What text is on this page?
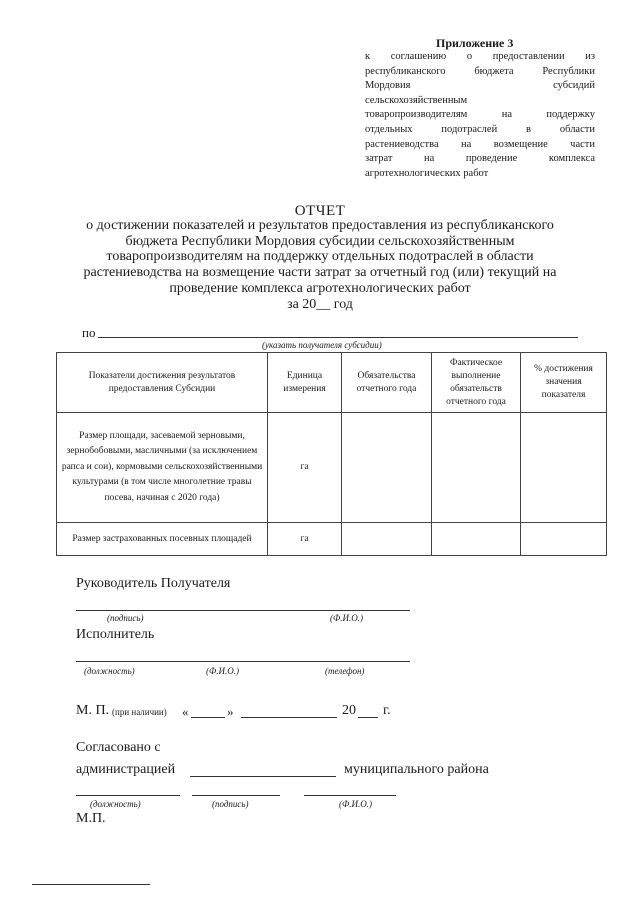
Приложение 3
к соглашению о предоставлении из
республиканского	бюджета	Республики
Мордовия	субсидий
сельскохозяйственным
товаропроизводителям	на	поддержку
отдельных	подотраслей	в	области
растениеводства на возмещение части
затрат	на	проведение	комплекса
агротехнологических работ
ОТЧЕТ
о достижении показателей и результатов предоставления из республиканского
бюджета Республики Мордовия субсидии сельскохозяйственным
товаропроизводителям на поддержку отдельных подотраслей в области
растениеводства на возмещение части затрат за отчетный год (или) текущий на
проведение комплекса агротехнологических работ
за 20__ год
по
(указать получателя субсидии)
Показатели достижения результатов предоставления Субсидии	Единица измерения	Обязательства отчетного года	Фактическое выполнение обязательств отчетного года	% достижения значения показателя
Размер площади, засеваемой зерновыми, зернобобовыми, масличными (за исключением рапса и сои), кормовыми сельскохозяйственными культурами (в том числе многолетние травы посева, начиная с 2020 года)	га			
Размер застрахованных посевных площадей	га			
Руководитель Получателя
(подпись)	(Ф.И.О.)
Исполнитель
(должность)	(Ф.И.О.)	(телефон)
М. П. (при наличии) «	»	20 г.
Согласовано с
администрацией	муниципального района
(должность)	(подпись)	(Ф.И.О.)
М.П.
